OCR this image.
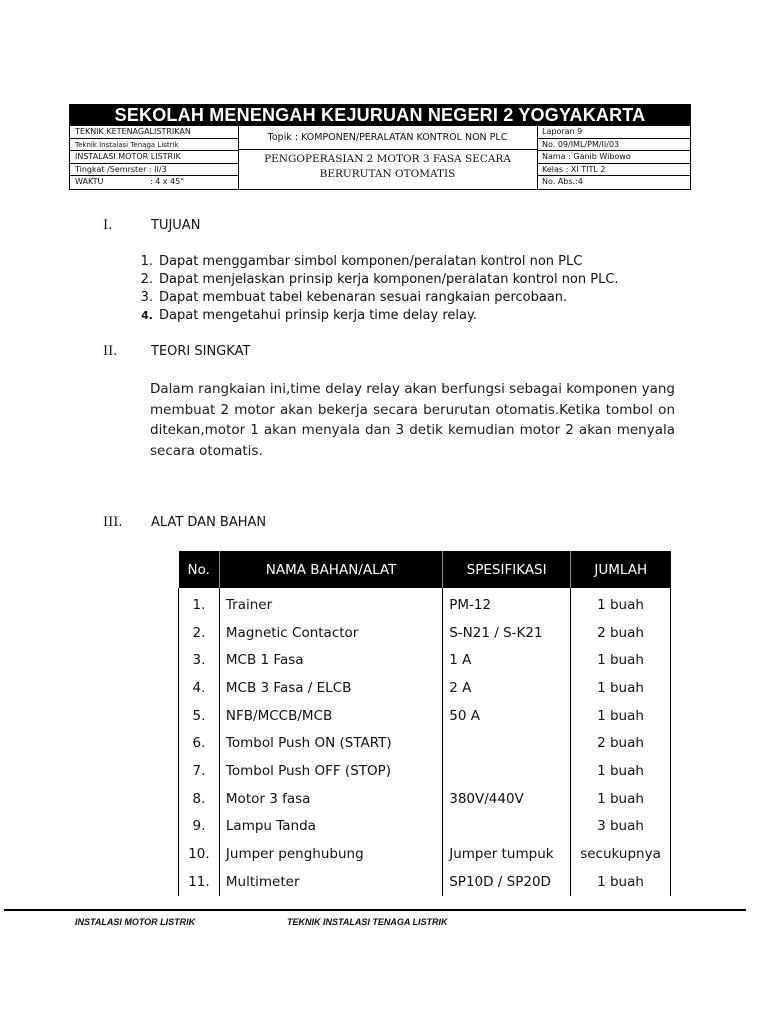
SEKOLAH MENENGAH KEJURUAN NEGERI 2 YOGYAKARTA
TEKNIK KETENAGALISTRIKAN
Teknik Instalasi Tenaga Listrik
INSTALASI MOTOR LISTRIK
Tingkat /Semrster : II/3
WAKTU	: 4 x 45"
Topik : KOMPONEN/PERALATAN KONTROL NON PLC
PENGOPERASIAN 2 MOTOR 3 FASA SECARA
BERURUTAN OTOMATIS
Laporan 9
No. 09/IML/PM/II/03
Nama : Ganib Wibowo
Kelas : XI TITL 2
No. Abs.:4
I.	TUJUAN
1. Dapat menggambar simbol komponen/peralatan kontrol non PLC
2. Dapat menjelaskan prinsip kerja komponen/peralatan kontrol non PLC.
3. Dapat membuat tabel kebenaran sesuai rangkaian percobaan.
4. Dapat mengetahui prinsip kerja time delay relay.
II.	TEORI SINGKAT
Dalam rangkaian ini,time delay relay akan berfungsi sebagai komponen yang membuat 2 motor akan bekerja secara berurutan otomatis.Ketika tombol on ditekan,motor 1 akan menyala dan 3 detik kemudian motor 2 akan menyala secara otomatis.
III. ALAT DAN BAHAN
No.	NAMA BAHAN/ALAT	SPESIFIKASI	JUMLAH
1.	Trainer	PM-12	1 buah
2.	Magnetic Contactor	S-N21 / S-K21	2 buah
3.	MCB 1 Fasa	1 A	1 buah
4.	MCB 3 Fasa / ELCB	2 A	1 buah
5.	NFB/MCCB/MCB	50 A	1 buah
6.	Tombol Push ON (START)		2 buah
7.	Tombol Push OFF (STOP)		1 buah
8.	Motor 3 fasa	380V/440V	1 buah
9.	Lampu Tanda		3 buah
10.	Jumper penghubung	Jumper tumpuk	secukupnya
11.	Multimeter	SP10D / SP20D	1 buah
INSTALASI MOTOR LISTRIK	TEKNIK INSTALASI TENAGA LISTRIK
